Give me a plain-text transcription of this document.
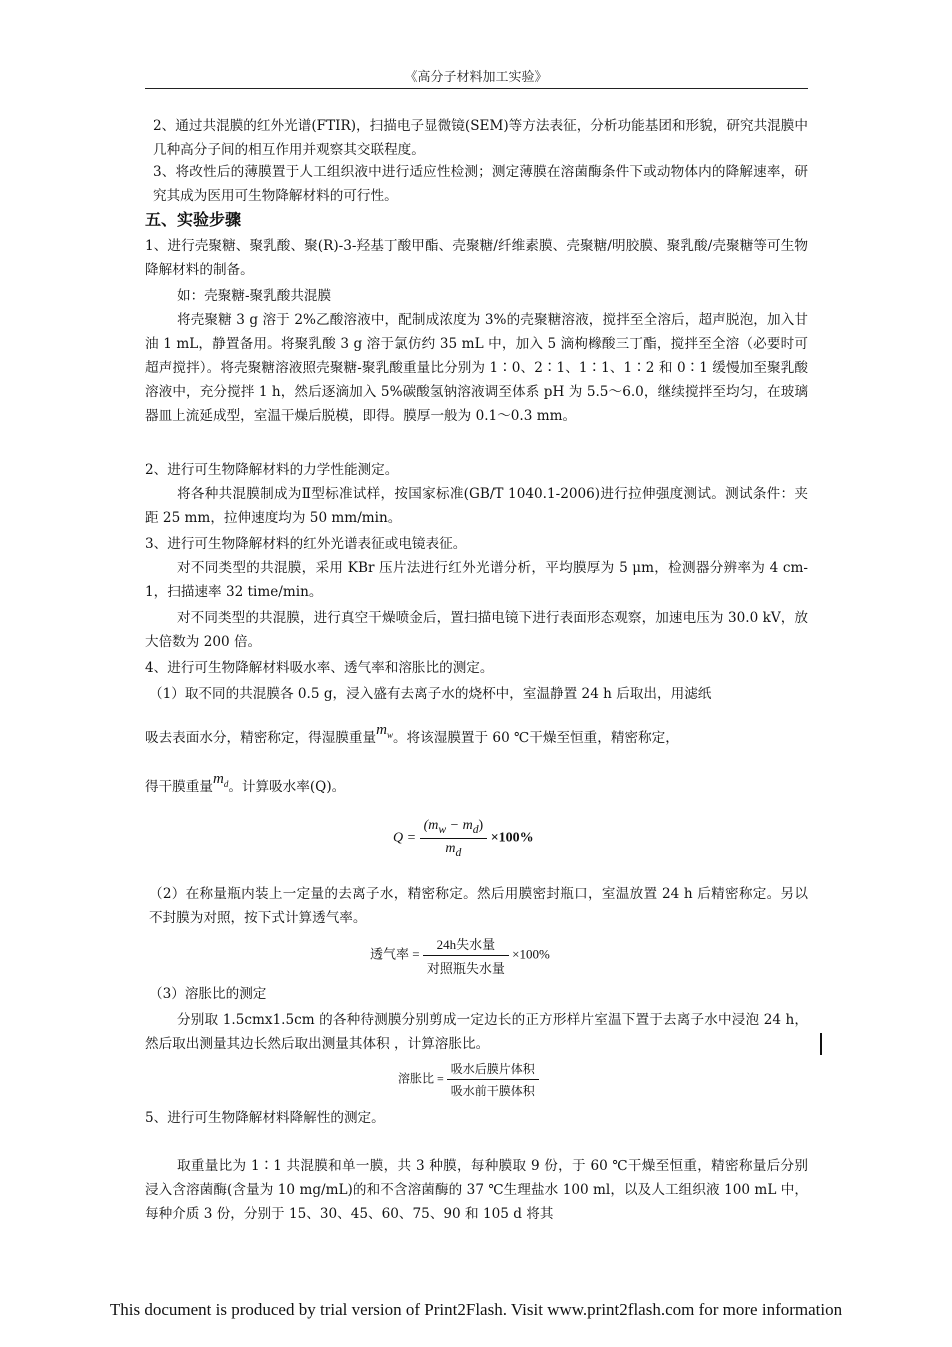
《高分子材料加工实验》
2、通过共混膜的红外光谱(FTIR)，扫描电子显微镜(SEM)等方法表征，分析功能基团和形貌，研究共混膜中几种高分子间的相互作用并观察其交联程度。
3、将改性后的薄膜置于人工组织液中进行适应性检测；测定薄膜在溶菌酶条件下或动物体内的降解速率，研究其成为医用可生物降解材料的可行性。
五、实验步骤
1、进行壳聚糖、聚乳酸、聚(R)-3-羟基丁酸甲酯、壳聚糖/纤维素膜、壳聚糖/明胶膜、聚乳酸/壳聚糖等可生物降解材料的制备。
如：壳聚糖-聚乳酸共混膜
将壳聚糖 3 g 溶于 2%乙酸溶液中，配制成浓度为 3%的壳聚糖溶液，搅拌至全溶后，超声脱泡，加入甘油 1 mL，静置备用。将聚乳酸 3 g 溶于氯仿约 35 mL 中，加入 5 滴枸橼酸三丁酯，搅拌至全溶（必要时可超声搅拌）。将壳聚糖溶液照壳聚糖-聚乳酸重量比分别为 1∶0、2∶1、1∶1、1∶2 和 0∶1 缓慢加至聚乳酸溶液中，充分搅拌 1 h，然后逐滴加入 5%碳酸氢钠溶液调至体系 pH 为 5.5～6.0，继续搅拌至均匀，在玻璃器皿上流延成型，室温干燥后脱模，即得。膜厚一般为 0.1～0.3 mm。
2、进行可生物降解材料的力学性能测定。
将各种共混膜制成为Ⅱ型标准试样，按国家标准(GB/T 1040.1-2006)进行拉伸强度测试。测试条件：夹距 25 mm，拉伸速度均为 50 mm/min。
3、进行可生物降解材料的红外光谱表征或电镜表征。
对不同类型的共混膜，采用 KBr 压片法进行红外光谱分析，平均膜厚为 5 μm，检测器分辨率为 4 cm-1，扫描速率 32 time/min。
对不同类型的共混膜，进行真空干燥喷金后，置扫描电镜下进行表面形态观察，加速电压为 30.0 kV，放大倍数为 200 倍。
4、进行可生物降解材料吸水率、透气率和溶胀比的测定。
（1）取不同的共混膜各 0.5 g，浸入盛有去离子水的烧杯中，室温静置 24 h 后取出，用滤纸
吸去表面水分，精密称定，得湿膜重量$m_w$。将该湿膜置于 60 ℃干燥至恒重，精密称定，
得干膜重量$m_d$。计算吸水率(Q)。
$Q = \frac{(m_w - m_d)}{m_d} \times 100\%$
（2）在称量瓶内装上一定量的去离子水，精密称定。然后用膜密封瓶口，室温放置 24 h 后精密称定。另以不封膜为对照，按下式计算透气率。
透气率 = $\frac{\text{24h失水量}}{\text{对照瓶失水量}} \times 100\%$
（3）溶胀比的测定
分别取 1.5cmx1.5cm 的各种待测膜分别剪成一定边长的正方形样片室温下置于去离子水中浸泡 24 h，然后取出测量其边长然后取出测量其体积 ，计算溶胀比。
溶胀比 = $\frac{\text{吸水后膜片体积}}{\text{吸水前干膜体积}}$
5、进行可生物降解材料降解性的测定。
取重量比为 1∶1 共混膜和单一膜，共 3 种膜，每种膜取 9 份，于 60 ℃干燥至恒重，精密称量后分别浸入含溶菌酶(含量为 10 mg/mL)的和不含溶菌酶的 37 ℃生理盐水 100 ml，以及人工组织液 100 mL 中，每种介质 3 份，分别于 15、30、45、60、75、90 和 105 d 将其
This document is produced by trial version of Print2Flash. Visit www.print2flash.com for more information
